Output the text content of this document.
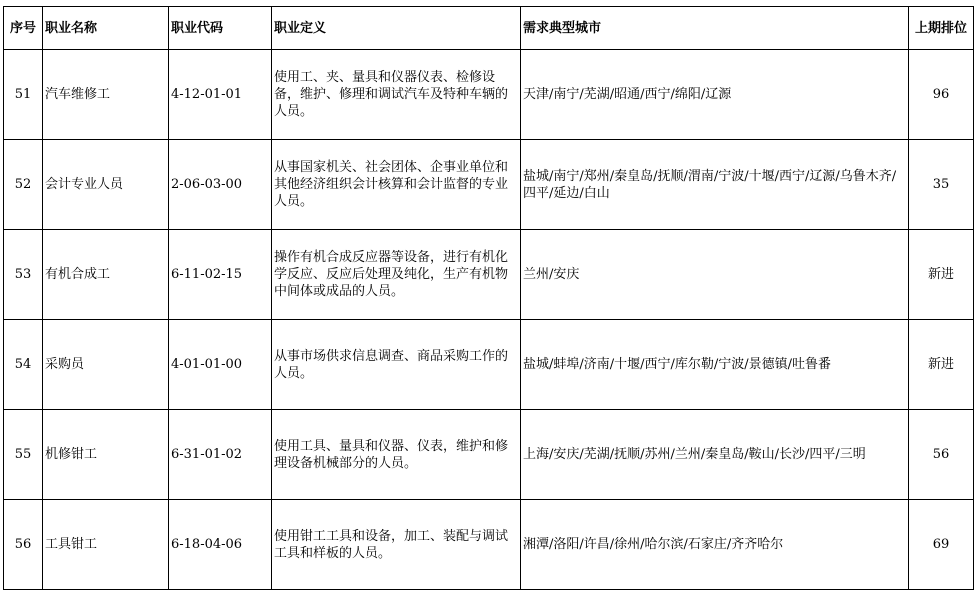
序号	职业名称	职业代码	职业定义	需求典型城市	上期排位
51	汽车维修工	4-12-01-01	使用工、夹、量具和仪器仪表、检修设备，维护、修理和调试汽车及特种车辆的人员。	天津/南宁/芜湖/昭通/西宁/绵阳/辽源	96
52	会计专业人员	2-06-03-00	从事国家机关、社会团体、企事业单位和其他经济组织会计核算和会计监督的专业人员。	盐城/南宁/郑州/秦皇岛/抚顺/渭南/宁波/十堰/西宁/辽源/乌鲁木齐/四平/延边/白山	35
53	有机合成工	6-11-02-15	操作有机合成反应器等设备，进行有机化学反应、反应后处理及纯化，生产有机物中间体或成品的人员。	兰州/安庆	新进
54	采购员	4-01-01-00	从事市场供求信息调查、商品采购工作的人员。	盐城/蚌埠/济南/十堰/西宁/库尔勒/宁波/景德镇/吐鲁番	新进
55	机修钳工	6-31-01-02	使用工具、量具和仪器、仪表，维护和修理设备机械部分的人员。	上海/安庆/芜湖/抚顺/苏州/兰州/秦皇岛/鞍山/长沙/四平/三明	56
56	工具钳工	6-18-04-06	使用钳工工具和设备，加工、装配与调试工具和样板的人员。	湘潭/洛阳/许昌/徐州/哈尔滨/石家庄/齐齐哈尔	69
